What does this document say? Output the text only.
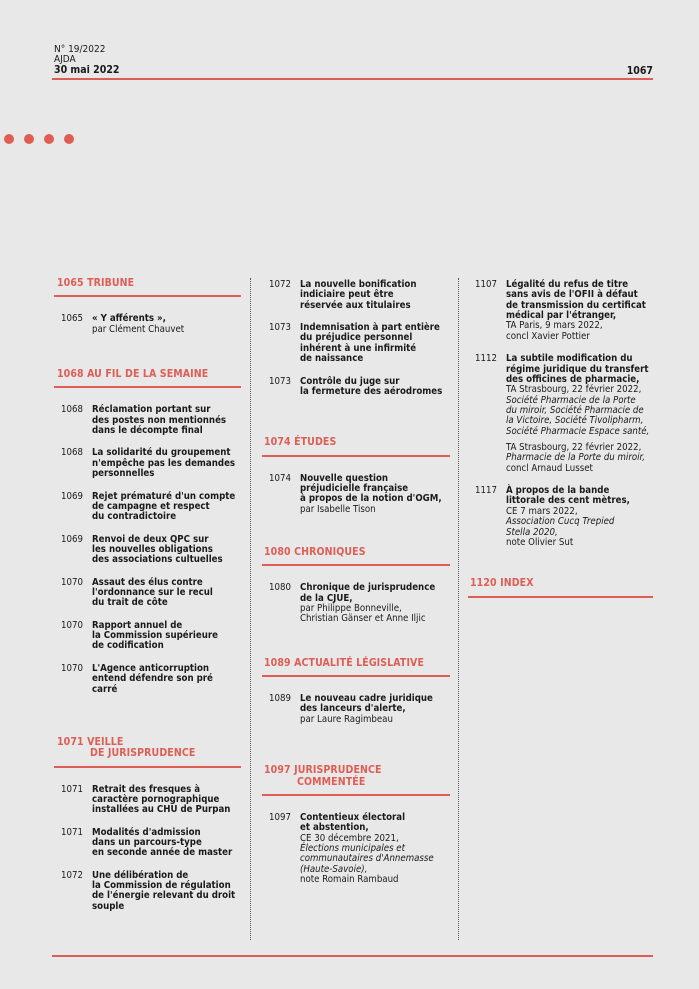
N° 19/2022
AJDA
30 mai 2022	1067
1065 TRIBUNE
1065 « Y afférents »,
par Clément Chauvet
1068 AU FIL DE LA SEMAINE
1068 Réclamation portant sur
des postes non mentionnés
dans le décompte final
1068 La solidarité du groupement
n'empêche pas les demandes
personnelles
1069 Rejet prématuré d'un compte
de campagne et respect
du contradictoire
1069 Renvoi de deux QPC sur
les nouvelles obligations
des associations cultuelles
1070 Assaut des élus contre
l'ordonnance sur le recul
du trait de côte
1070 Rapport annuel de
la Commission supérieure
de codification
1070 L'Agence anticorruption
entend défendre son pré carré
1071 VEILLE
DE JURISPRUDENCE
1071 Retrait des fresques à
caractère pornographique
installées au CHU de Purpan
1071 Modalités d'admission
dans un parcours-type
en seconde année de master
1072 Une délibération de
la Commission de régulation
de l'énergie relevant du droit
souple
1072 La nouvelle bonification
indiciaire peut être
réservée aux titulaires
1073 Indemnisation à part entière
du préjudice personnel
inhérent à une infirmité
de naissance
1073 Contrôle du juge sur
la fermeture des aérodromes
1074 ÉTUDES
1074 Nouvelle question
préjudicielle française
à propos de la notion d'OGM,
par Isabelle Tison
1080 CHRONIQUES
1080 Chronique de jurisprudence
de la CJUE,
par Philippe Bonneville,
Christian Gänser et Anne Iljic
1089 ACTUALITÉ LÉGISLATIVE
1089 Le nouveau cadre juridique
des lanceurs d'alerte,
par Laure Ragimbeau
1097 JURISPRUDENCE
COMMENTÉE
1097 Contentieux électoral
et abstention,
CE 30 décembre 2021,
Élections municipales et
communautaires d'Annemasse
(Haute-Savoie),
note Romain Rambaud
1107 Légalité du refus de titre
sans avis de l'OFII à défaut
de transmission du certificat
médical par l'étranger,
TA Paris, 9 mars 2022,
concl Xavier Pottier
1112 La subtile modification du
régime juridique du transfert
des officines de pharmacie,
TA Strasbourg, 22 février 2022,
Société Pharmacie de la Porte
du miroir, Société Pharmacie de
la Victoire, Société Tivolipharm,
Société Pharmacie Espace santé,
TA Strasbourg, 22 février 2022,
Pharmacie de la Porte du miroir,
concl Arnaud Lusset
1117 À propos de la bande
littorale des cent mètres,
CE 7 mars 2022,
Association Cucq Trepied
Stella 2020,
note Olivier Sut
1120 INDEX
